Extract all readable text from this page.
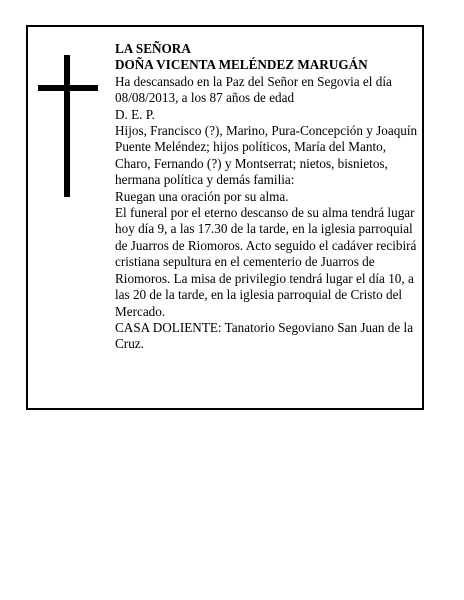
LA SEÑORA

DOÑA VICENTA MELÉNDEZ MARUGÁN

Ha descansado en la Paz del Señor en Segovia el día 08/08/2013, a los 87 años de edad

D. E. P.

Hijos, Francisco (?), Marino, Pura-Concepción y Joaquín Puente Meléndez; hijos políticos, María del Manto, Charo, Fernando (?) y Montserrat; nietos, bisnietos, hermana política y demás familia:

Ruegan una oración por su alma.

El funeral por el eterno descanso de su alma tendrá lugar hoy día 9, a las 17.30 de la tarde, en la iglesia parroquial de Juarros de Riomoros. Acto seguido el cadáver recibirá cristiana sepultura en el cementerio de Juarros de Riomoros. La misa de privilegio tendrá lugar el día 10, a las 20 de la tarde, en la iglesia parroquial de Cristo del Mercado.

CASA DOLIENTE: Tanatorio Segoviano San Juan de la Cruz.
